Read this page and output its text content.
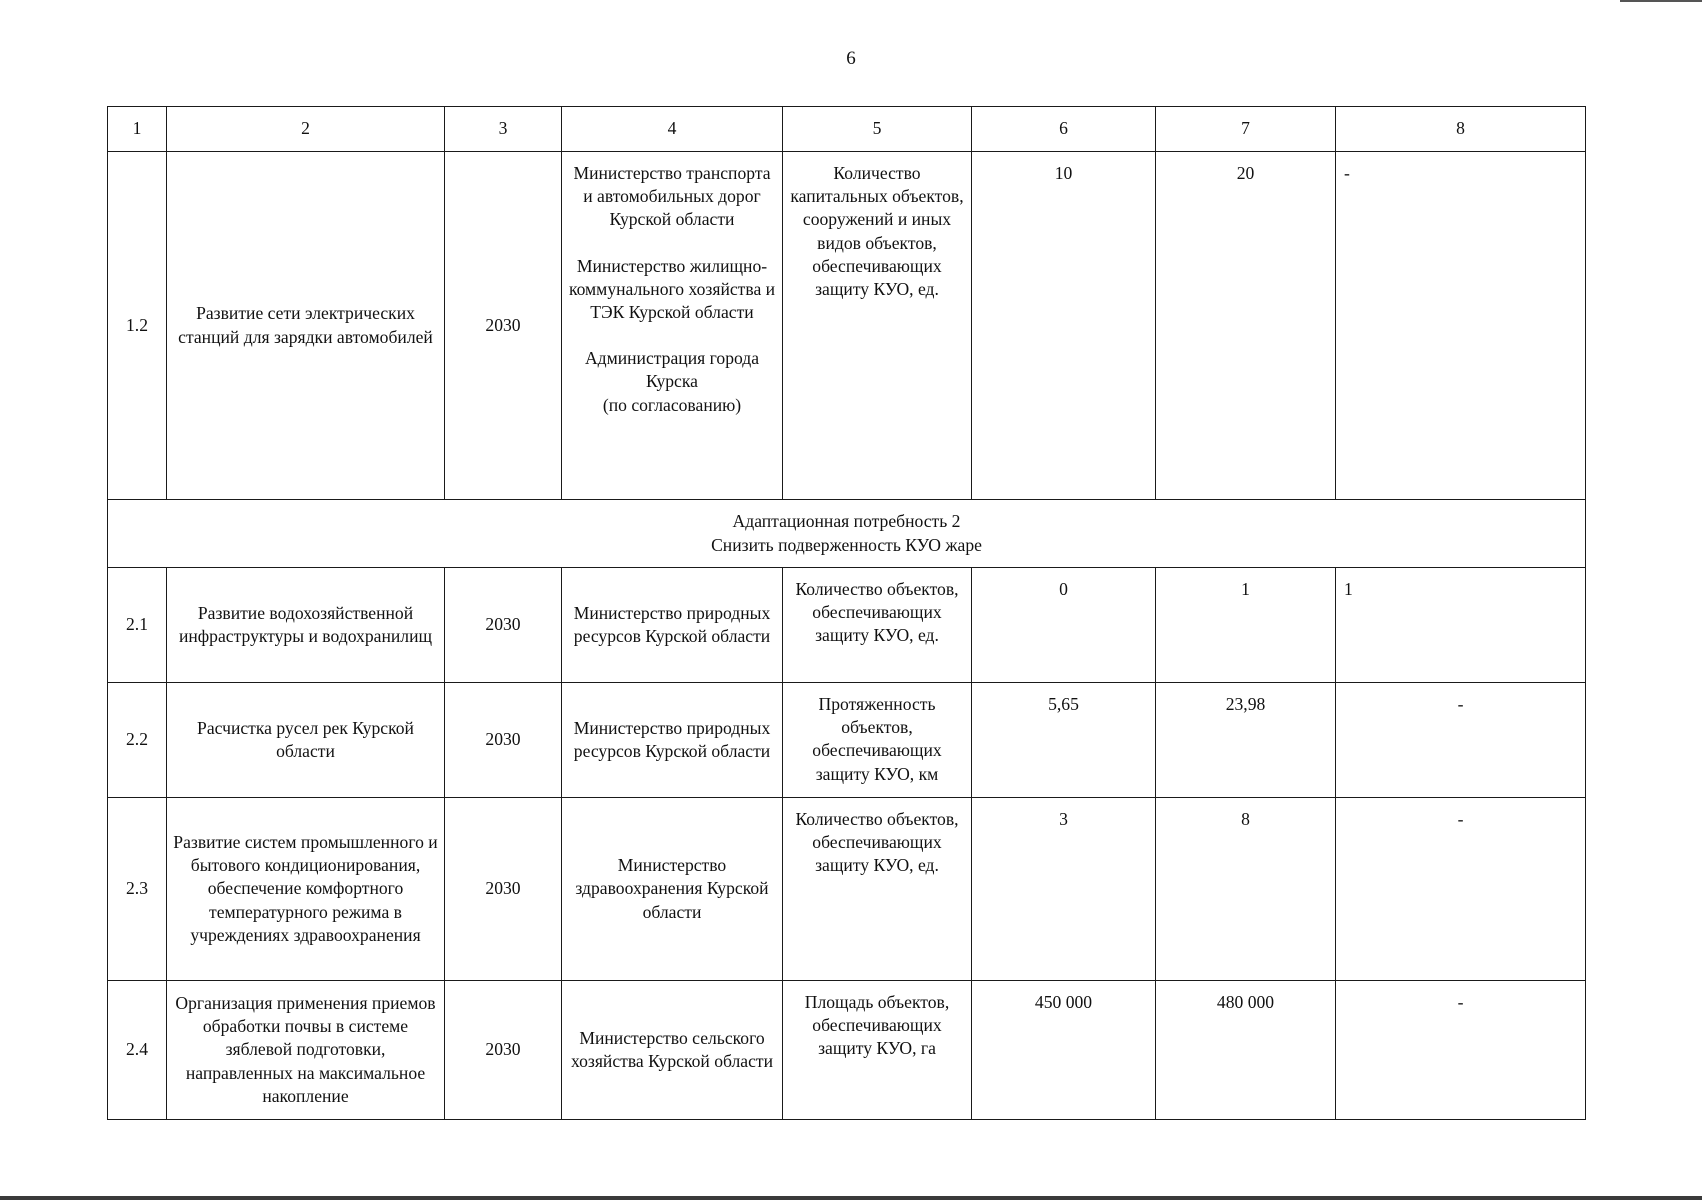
6
1	2	3	4	5	6	7	8
1.2	Развитие сети электрических станций для зарядки автомобилей	2030	Министерство транспорта и автомобильных дорог Курской области
Министерство жилищно-коммунального хозяйства и ТЭК Курской области
Администрация города Курска
(по согласованию)	Количество капитальных объектов, сооружений и иных видов объектов, обеспечивающих защиту КУО, ед.	10	20	-

Адаптационная потребность 2
Снизить подверженность КУО жаре							

2.1	Развитие водохозяйственной инфраструктуры и водохранилищ	2030	Министерство природных ресурсов Курской области	Количество объектов, обеспечивающих защиту КУО, ед.	0	1	1
2.2	Расчистка русел рек Курской области	2030	Министерство природных ресурсов Курской области	Протяженность объектов, обеспечивающих защиту КУО, км	5,65	23,98	-
2.3	Развитие систем промышленного и бытового кондиционирования, обеспечение комфортного температурного режима в учреждениях здравоохранения	2030	Министерство здравоохранения Курской области	Количество объектов, обеспечивающих защиту КУО, ед.	3	8	-
2.4	Организация применения приемов обработки почвы в системе зяблевой подготовки, направленных на максимальное накопление	2030	Министерство сельского хозяйства Курской области	Площадь объектов, обеспечивающих защиту КУО, га	450 000	480 000	-
